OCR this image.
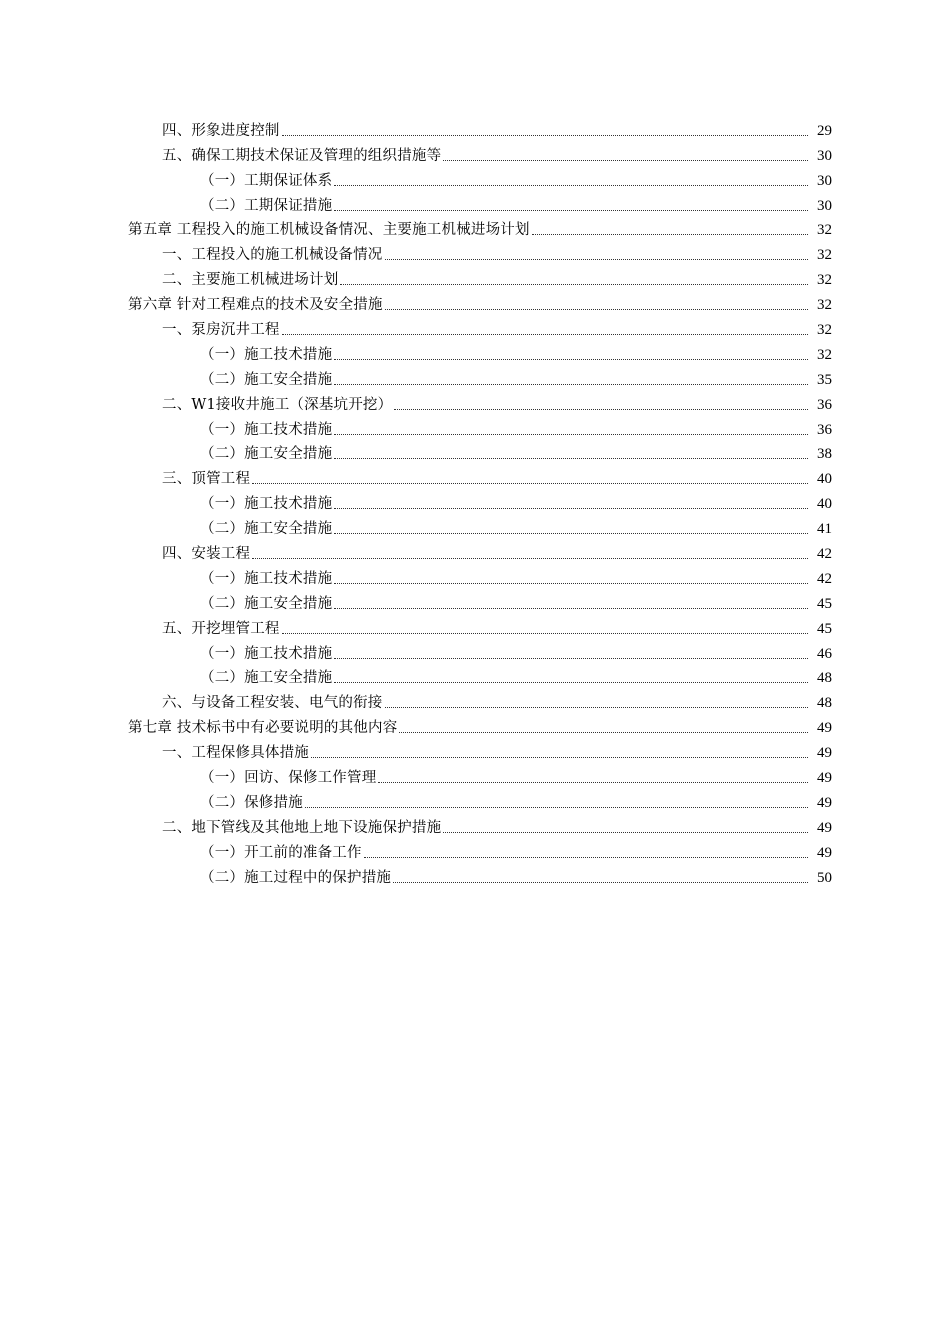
四、形象进度控制	29
五、确保工期技术保证及管理的组织措施等	30
（一）工期保证体系	30
（二）工期保证措施	30
第五章 工程投入的施工机械设备情况、主要施工机械进场计划	32
一、工程投入的施工机械设备情况	32
二、主要施工机械进场计划	32
第六章 针对工程难点的技术及安全措施	32
一、泵房沉井工程	32
（一）施工技术措施	32
（二）施工安全措施	35
二、W1接收井施工（深基坑开挖）	36
（一）施工技术措施	36
（二）施工安全措施	38
三、顶管工程	40
（一）施工技术措施	40
（二）施工安全措施	41
四、安装工程	42
（一）施工技术措施	42
（二）施工安全措施	45
五、开挖埋管工程	45
（一）施工技术措施	46
（二）施工安全措施	48
六、与设备工程安装、电气的衔接	48
第七章 技术标书中有必要说明的其他内容	49
一、工程保修具体措施	49
（一）回访、保修工作管理	49
（二）保修措施	49
二、地下管线及其他地上地下设施保护措施	49
（一）开工前的准备工作	49
（二）施工过程中的保护措施	50
